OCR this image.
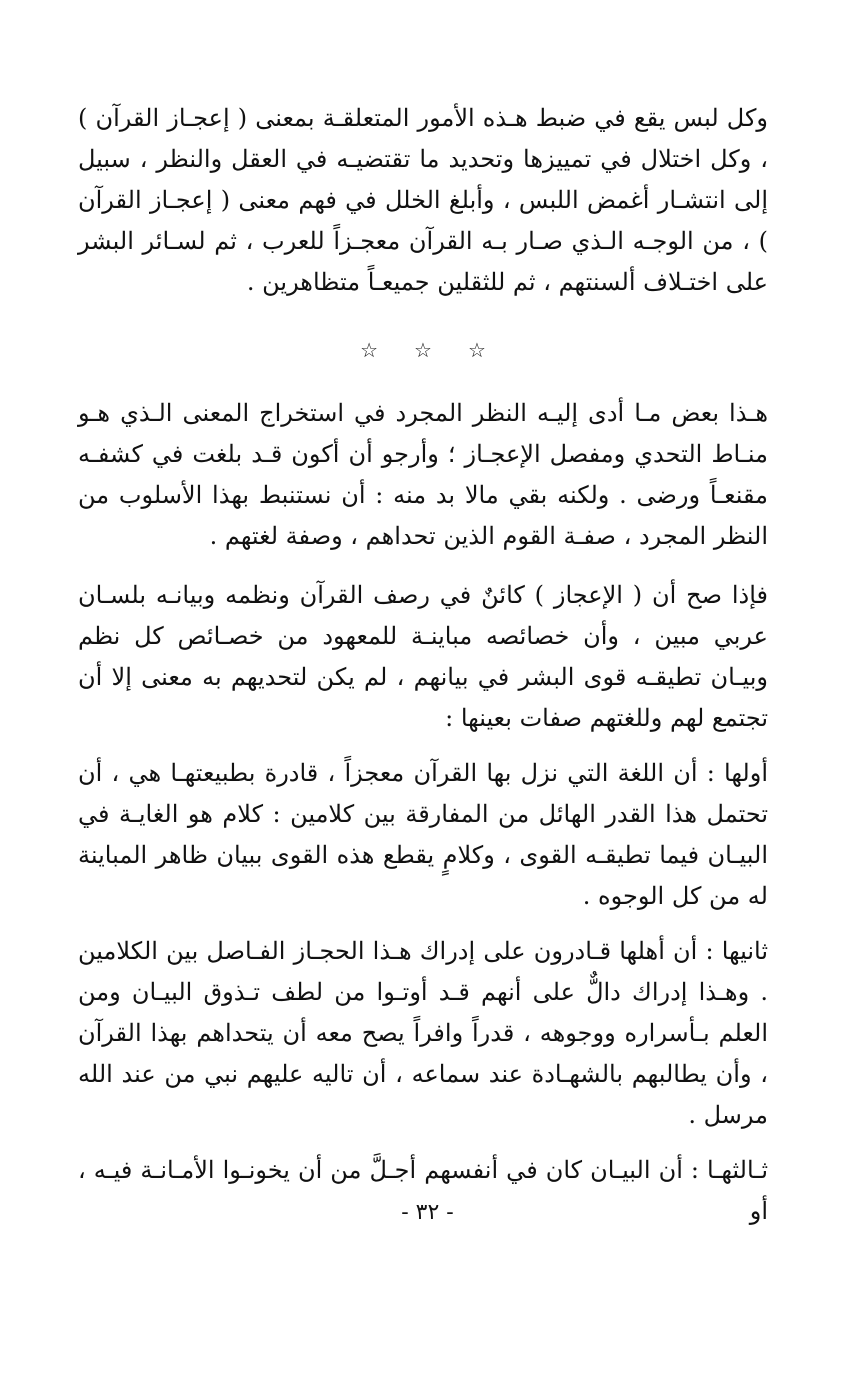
وكل لبس يقع في ضبط هـذه الأمور المتعلقـة بمعنى ( إعجـاز القرآن ) ، وكل اختلال في تمييزها وتحديد ما تقتضيـه في العقل والنظر ، سبيل إلى انتشـار أغمض اللبس ، وأبلغ الخلل في فهم معنى ( إعجـاز القرآن ) ، من الوجـه الـذي صـار بـه القرآن معجـزاً للعرب ، ثم لسـائر البشر على اختـلاف ألسنتهم ، ثم للثقلين جميعـاً متظاهرين .

☆ ☆ ☆

هـذا بعض مـا أدى إليـه النظر المجرد في استخراج المعنى الـذي هـو منـاط التحدي ومفصل الإعجـاز ؛ وأرجو أن أكون قـد بلغت في كشفـه مقنعـاً ورضى . ولكنه بقي مالا بد منه : أن نستنبط بهذا الأسلوب من النظر المجرد ، صفـة القوم الذين تحداهم ، وصفة لغتهم .

فإذا صح أن ( الإعجاز ) كائنٌ في رصف القرآن ونظمه وبيانـه بلسـان عربي مبين ، وأن خصائصه مباينـة للمعهود من خصـائص كل نظم وبيـان تطيقـه قوى البشر في بيانهم ، لم يكن لتحديهم به معنى إلا أن تجتمع لهم وللغتهم صفات بعينها :

أولها : أن اللغة التي نزل بها القرآن معجزاً ، قادرة بطبيعتهـا هي ، أن تحتمل هذا القدر الهائل من المفارقة بين كلامين : كلام هو الغايـة في البيـان فيما تطيقـه القوى ، وكلامٍ يقطع هذه القوى ببيان ظاهر المباينة له من كل الوجوه .

ثانيها : أن أهلها قـادرون على إدراك هـذا الحجـاز الفـاصل بين الكلامين . وهـذا إدراك دالٌّ على أنهم قـد أوتـوا من لطف تـذوق البيـان ومن العلم بـأسراره ووجوهه ، قدراً وافراً يصح معه أن يتحداهم بهذا القرآن ، وأن يطالبهم بالشهـادة عند سماعه ، أن تاليه عليهم نبي من عند الله مرسل .

ثـالثهـا : أن البيـان كان في أنفسهم أجـلَّ من أن يخونـوا الأمـانـة فيـه ، أو

- ٣٢ -
